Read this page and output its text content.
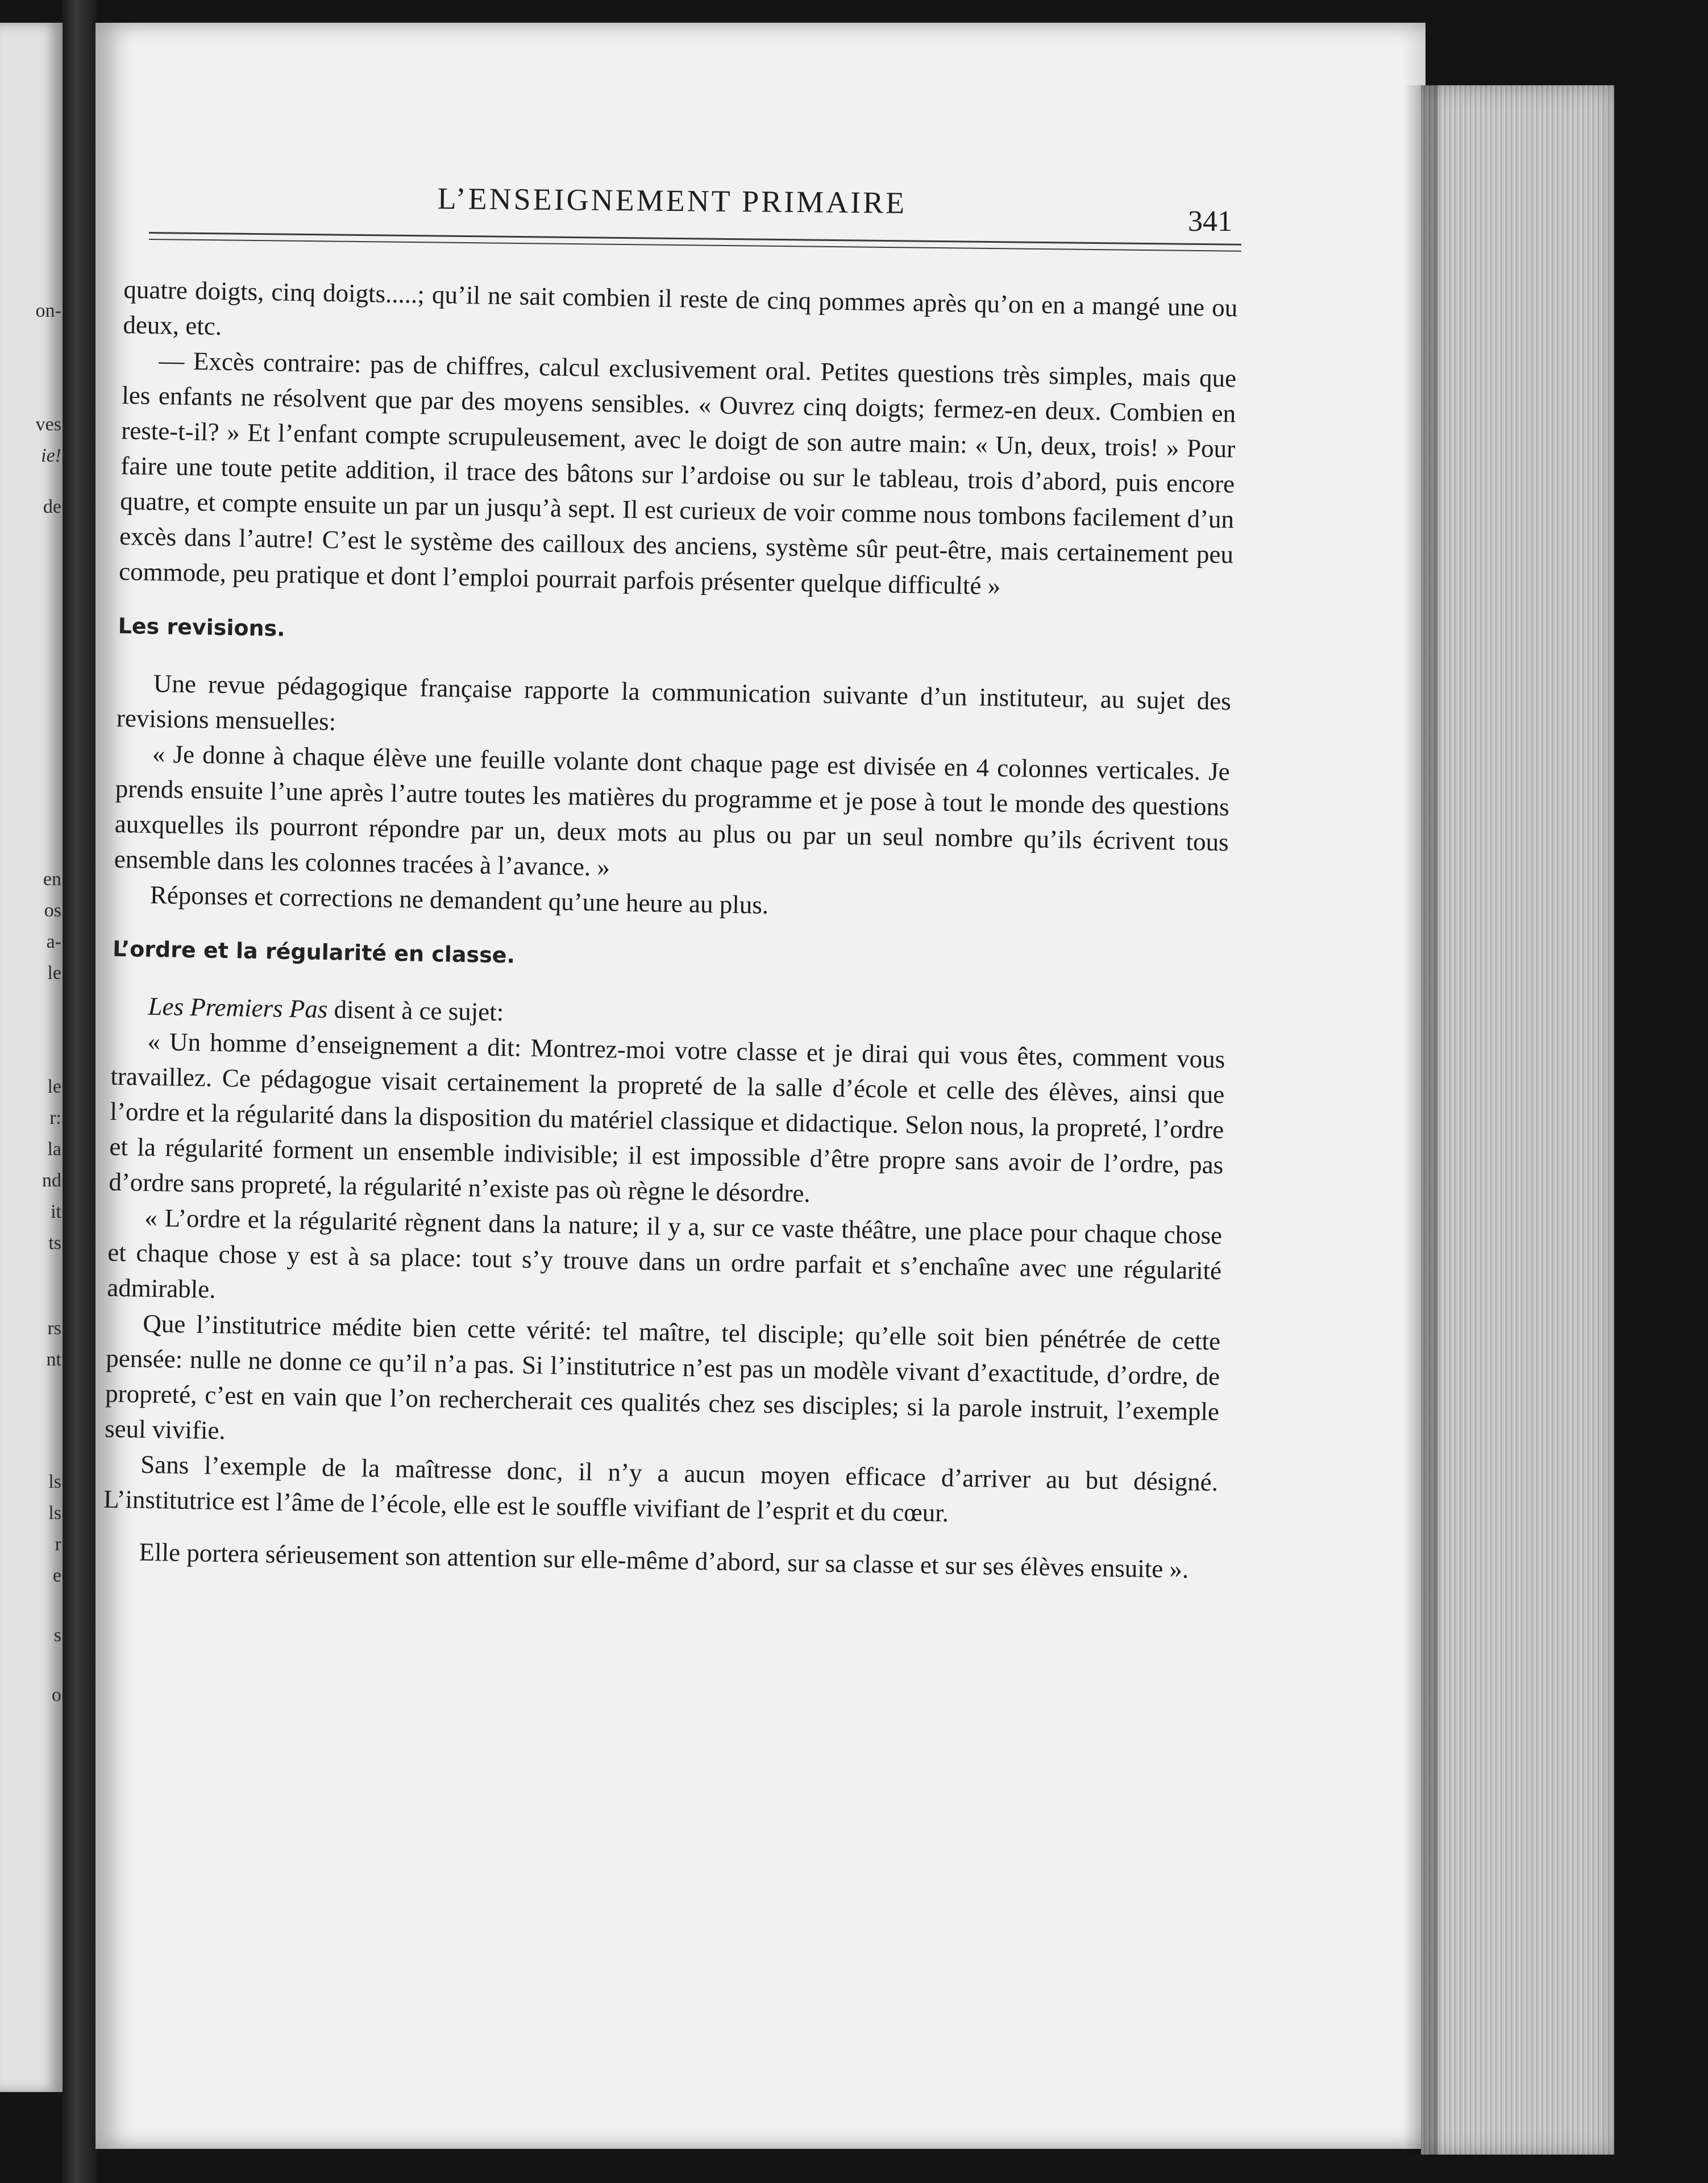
on-
ves
ie!
de
en
os
a-
le
le
r:
la
nd
it
ts
rs
nt
ls
ls
r
e
s
o
L’ENSEIGNEMENT PRIMAIRE
341

quatre doigts, cinq doigts.....; qu’il ne sait combien il reste de cinq pommes après qu’on en a mangé une ou deux, etc.

— Excès contraire: pas de chiffres, calcul exclusivement oral. Petites questions très simples, mais que les enfants ne résolvent que par des moyens sensibles. « Ouvrez cinq doigts; fermez-en deux. Combien en reste-t-il? » Et l’enfant compte scrupuleusement, avec le doigt de son autre main: « Un, deux, trois! » Pour faire une toute petite addition, il trace des bâtons sur l’ardoise ou sur le tableau, trois d’abord, puis encore quatre, et compte ensuite un par un jusqu’à sept. Il est curieux de voir comme nous tombons facilement d’un excès dans l’autre! C’est le système des cailloux des anciens, système sûr peut-être, mais certainement peu commode, peu pratique et dont l’emploi pourrait parfois présenter quelque difficulté »

Les revisions.

Une revue pédagogique française rapporte la communication suivante d’un instituteur, au sujet des revisions mensuelles:

« Je donne à chaque élève une feuille volante dont chaque page est divisée en 4 colonnes verticales. Je prends ensuite l’une après l’autre toutes les matières du programme et je pose à tout le monde des questions auxquelles ils pourront répondre par un, deux mots au plus ou par un seul nombre qu’ils écrivent tous ensemble dans les colonnes tracées à l’avance. »

Réponses et corrections ne demandent qu’une heure au plus.

L’ordre et la régularité en classe.

Les Premiers Pas disent à ce sujet:

« Un homme d’enseignement a dit: Montrez-moi votre classe et je dirai qui vous êtes, comment vous travaillez. Ce pédagogue visait certainement la propreté de la salle d’école et celle des élèves, ainsi que l’ordre et la régularité dans la disposition du matériel classique et didactique. Selon nous, la propreté, l’ordre et la régularité forment un ensemble indivisible; il est impossible d’être propre sans avoir de l’ordre, pas d’ordre sans propreté, la régularité n’existe pas où règne le désordre.

« L’ordre et la régularité règnent dans la nature; il y a, sur ce vaste théâtre, une place pour chaque chose et chaque chose y est à sa place: tout s’y trouve dans un ordre parfait et s’enchaîne avec une régularité admirable.

Que l’institutrice médite bien cette vérité: tel maître, tel disciple; qu’elle soit bien pénétrée de cette pensée: nulle ne donne ce qu’il n’a pas. Si l’institutrice n’est pas un modèle vivant d’exactitude, d’ordre, de propreté, c’est en vain que l’on rechercherait ces qualités chez ses disciples; si la parole instruit, l’exemple seul vivifie.

Sans l’exemple de la maîtresse donc, il n’y a aucun moyen efficace d’arriver au but désigné. L’institutrice est l’âme de l’école, elle est le souffle vivifiant de l’esprit et du cœur.

Elle portera sérieusement son attention sur elle-même d’abord, sur sa classe et sur ses élèves ensuite ».
